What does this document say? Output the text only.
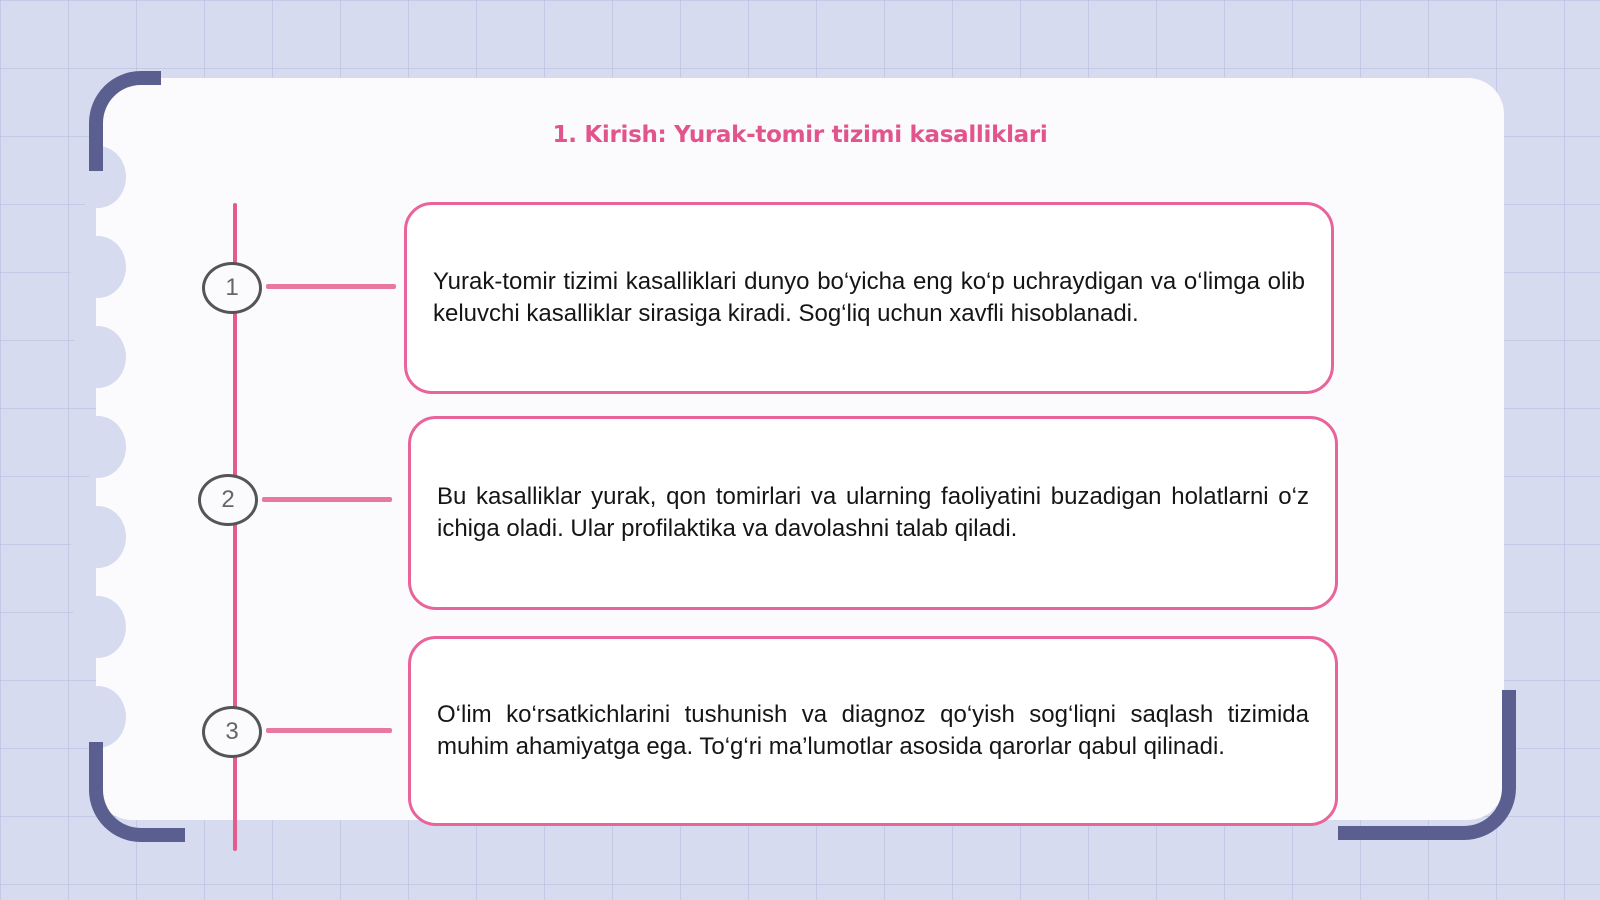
1. Kirish: Yurak-tomir tizimi kasalliklari
1	Yurak-tomir tizimi kasalliklari dunyo bo‘yicha eng ko‘p uchraydigan va o‘limga olib keluvchi kasalliklar sirasiga kiradi. Sog‘liq uchun xavfli hisoblanadi.

2	Bu kasalliklar yurak, qon tomirlari va ularning faoliyatini buzadigan holatlarni o‘z ichiga oladi. Ular profilaktika va davolashni talab qiladi.

3

O‘lim ko‘rsatkichlarini tushunish va diagnoz qo‘yish sog‘liqni saqlash tizimida muhim ahamiyatga ega. To‘g‘ri ma’lumotlar asosida qarorlar qabul qilinadi.
